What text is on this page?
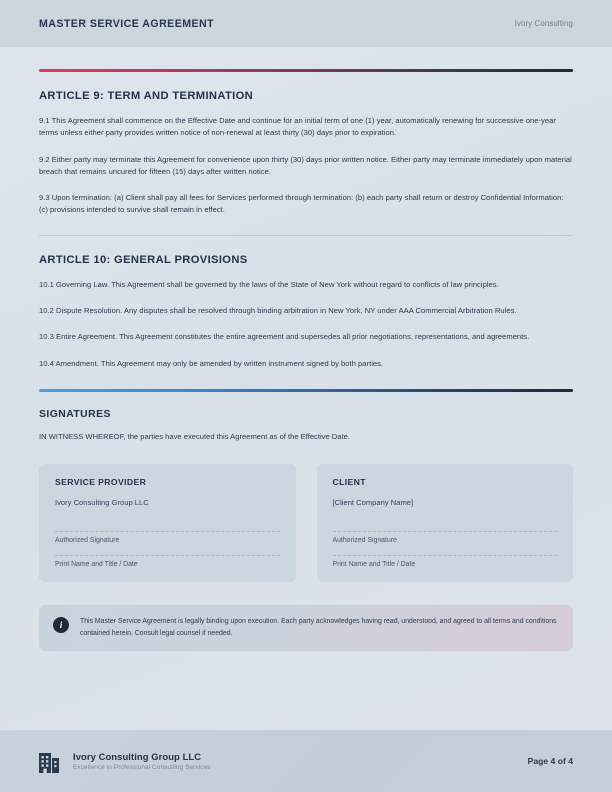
MASTER SERVICE AGREEMENT	Ivory Consulting
ARTICLE 9: TERM AND TERMINATION

9.1 This Agreement shall commence on the Effective Date and continue for an initial term of one (1) year, automatically renewing for successive one-year terms unless either party provides written notice of non-renewal at least thirty (30) days prior to expiration.

9.2 Either party may terminate this Agreement for convenience upon thirty (30) days prior written notice. Either party may terminate immediately upon material breach that remains uncured for fifteen (15) days after written notice.

9.3 Upon termination: (a) Client shall pay all fees for Services performed through termination: (b) each party shall return or destroy Confidential Information: (c) provisions intended to survive shall remain in effect.

ARTICLE 10: GENERAL PROVISIONS

10.1 Governing Law. This Agreement shall be governed by the laws of the State of New York without regard to conflicts of law principles.

10.2 Dispute Resolution. Any disputes shall be resolved through binding arbitration in New York, NY under AAA Commercial Arbitration Rules.

10.3 Entire Agreement. This Agreement constitutes the entire agreement and supersedes all prior negotiations, representations, and agreements.

10.4 Amendment. This Agreement may only be amended by written instrument signed by both parties.

SIGNATURES
IN WITNESS WHEREOF, the parties have executed this Agreement as of the Effective Date.
SERVICE PROVIDER
Ivory Consulting Group LLC
Authorized Signature
Print Name and Title / Date
CLIENT
[Client Company Name]
Authorized Signature
Print Name and Title / Date
i	This Master Service Agreement is legally binding upon execution. Each party acknowledges having read, understood, and agreed to all terms and conditions contained herein. Consult legal counsel if needed.
Ivory Consulting Group LLC
Excellence in Professional Consulting Services
Page 4 of 4
